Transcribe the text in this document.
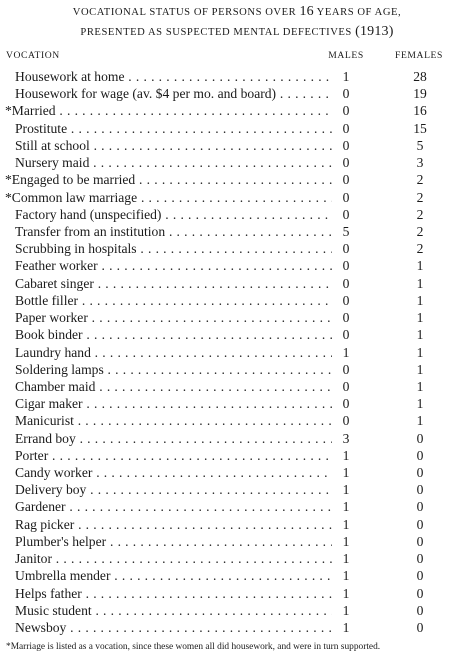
VOCATIONAL STATUS OF PERSONS OVER 16 YEARS OF AGE,
PRESENTED AS SUSPECTED MENTAL DEFECTIVES (1913)
VOCATION	MALES	FEMALES
Housework at home . . .	1	28
Housework for wage (av. $4 per mo. and board) . . .	0	19
*Married . . .	0	16
Prostitute . . .	0	15
Still at school . . .	0	5
Nursery maid . . .	0	3
*Engaged to be married . . .	0	2
*Common law marriage . . .	0	2
Factory hand (unspecified) . . .	0	2
Transfer from an institution . . .	5	2
Scrubbing in hospitals . . .	0	2
Feather worker . . .	0	1
Cabaret singer . . .	0	1
Bottle filler . . .	0	1
Paper worker . . .	0	1
Book binder . . .	0	1
Laundry hand . . .	1	1
Soldering lamps . . .	0	1
Chamber maid . . .	0	1
Cigar maker . . .	0	1
Manicurist . . .	0	1
Errand boy . . .	3	0
Porter . . .	1	0
Candy worker . . .	1	0
Delivery boy . . .	1	0
Gardener . . .	1	0
Rag picker . . .	1	0
Plumber's helper . . .	1	0
Janitor . . .	1	0
Umbrella mender . . .	1	0
Helps father . . .	1	0
Music student . . .	1	0
Newsboy . . .	1	0
*Marriage is listed as a vocation, since these women all did housework, and were in turn supported.
